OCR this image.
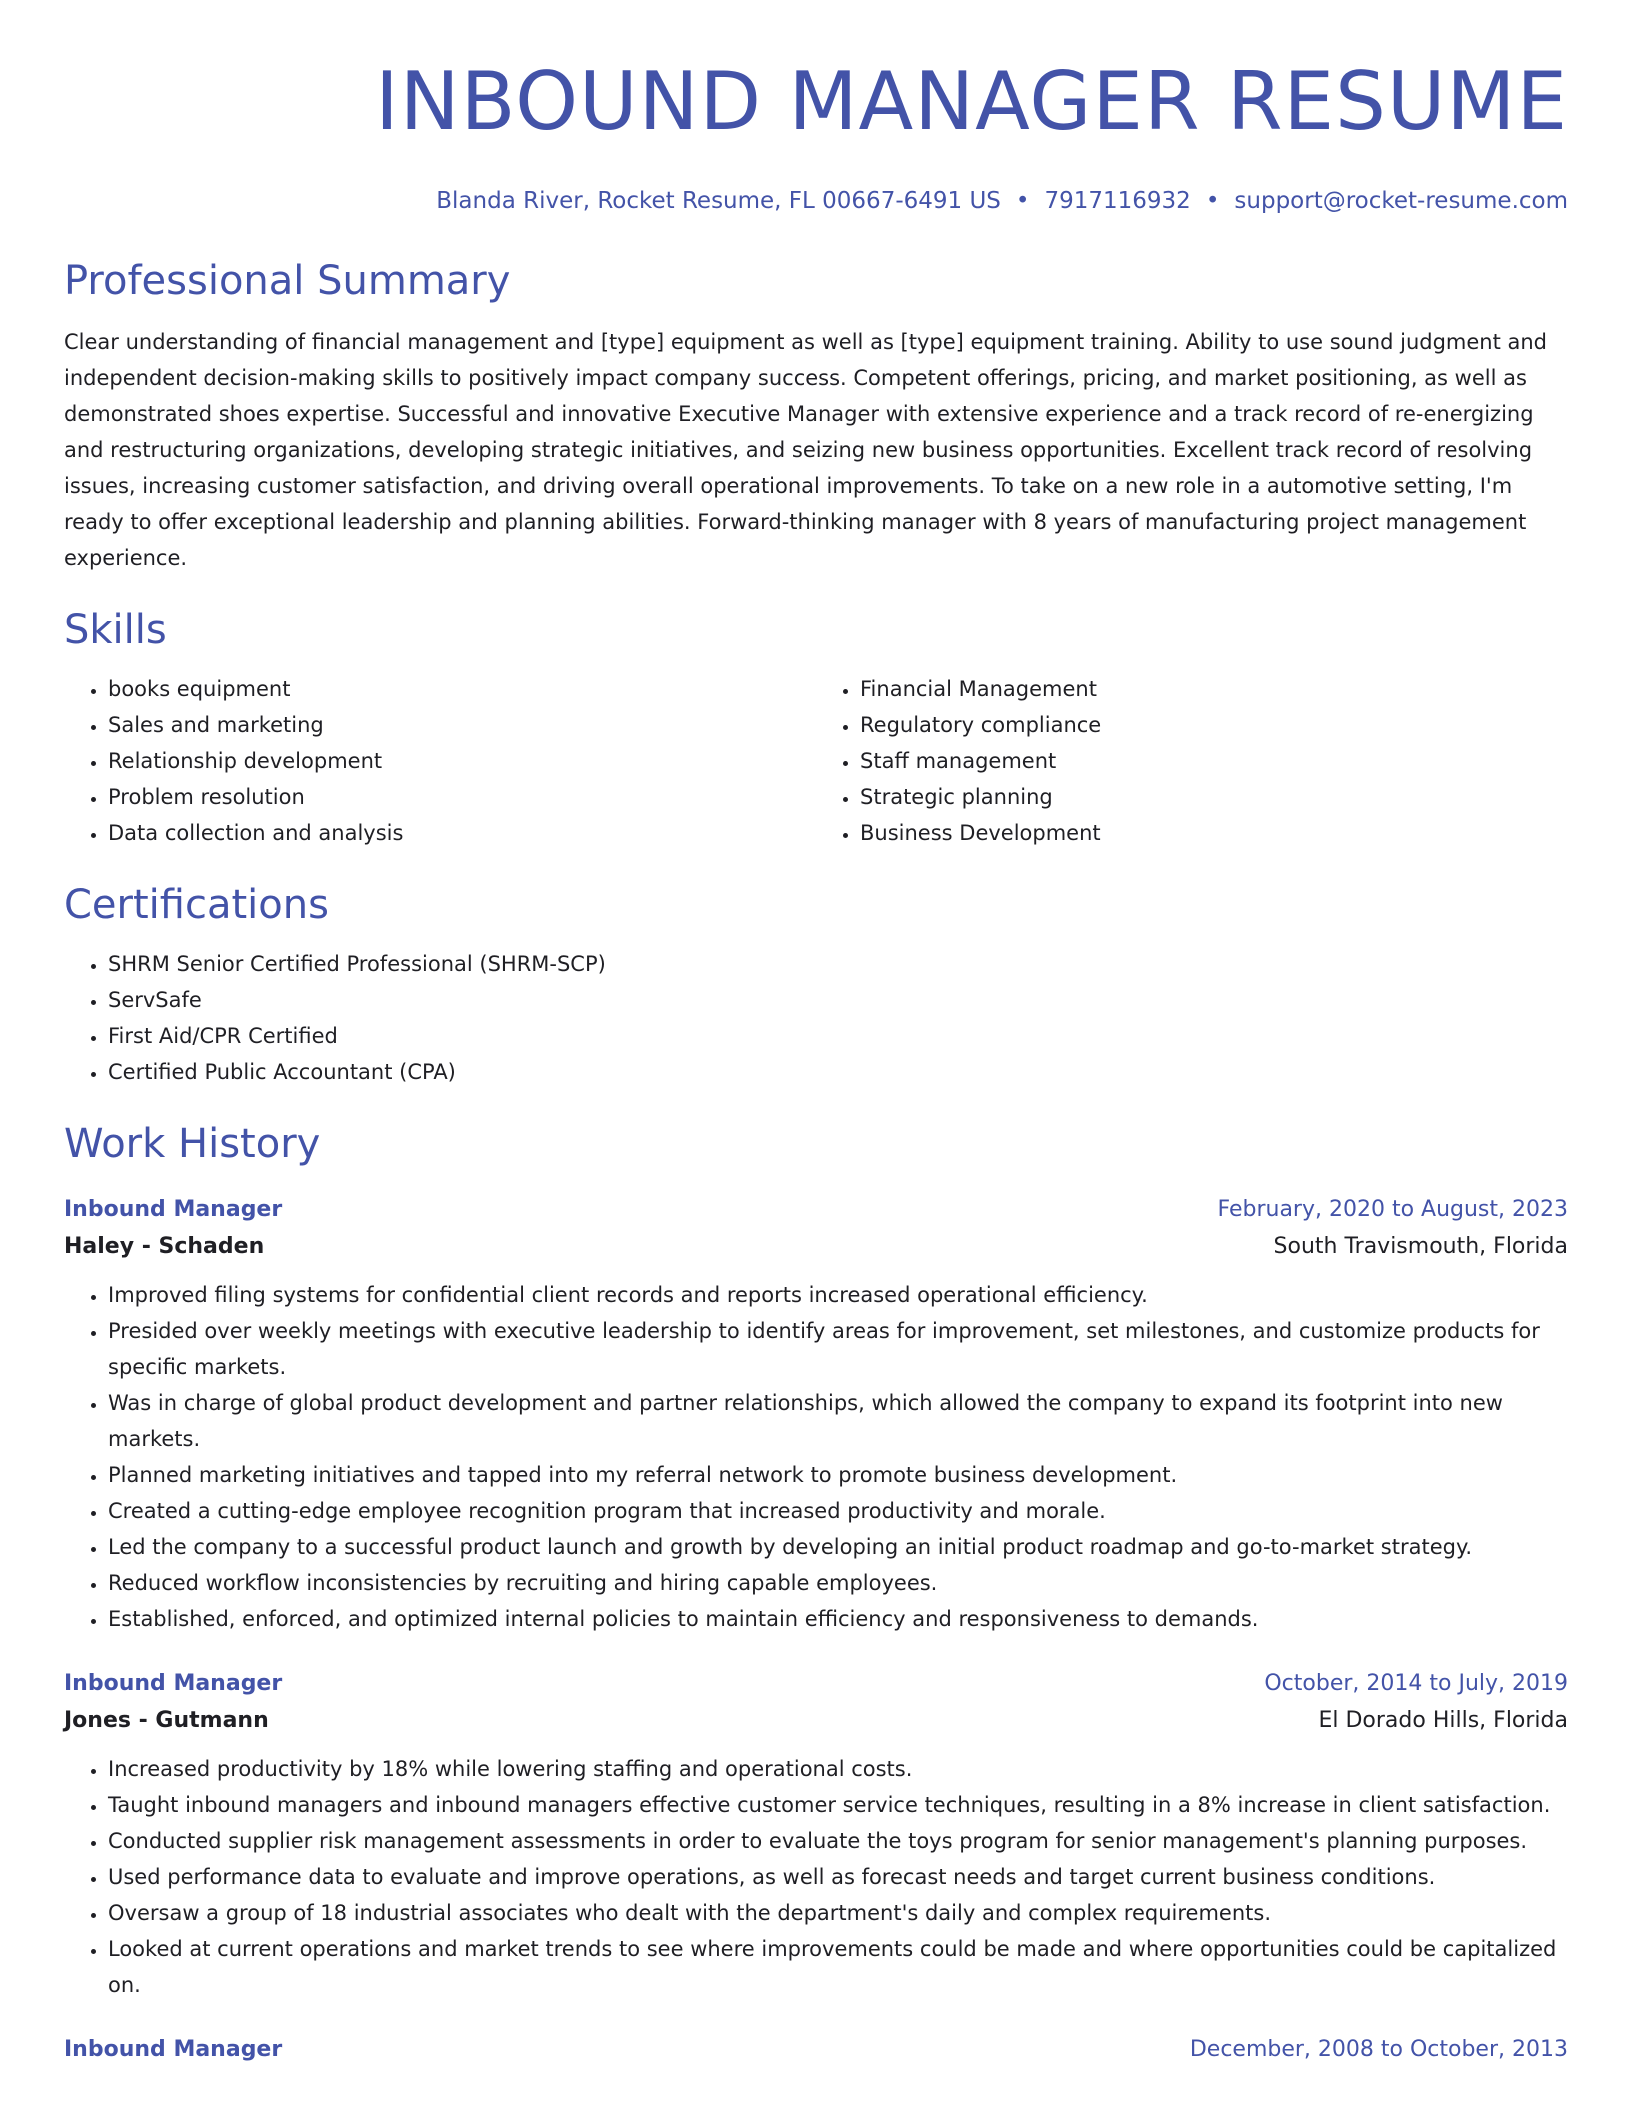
INBOUND MANAGER RESUME
Blanda River, Rocket Resume, FL 00667-6491 US • 7917116932 • support@rocket-resume.com
Professional Summary

Clear understanding of financial management and [type] equipment as well as [type] equipment training. Ability to use sound judgment and independent decision-making skills to positively impact company success. Competent offerings, pricing, and market positioning, as well as demonstrated shoes expertise. Successful and innovative Executive Manager with extensive experience and a track record of re-energizing and restructuring organizations, developing strategic initiatives, and seizing new business opportunities. Excellent track record of resolving issues, increasing customer satisfaction, and driving overall operational improvements. To take on a new role in a automotive setting, I'm ready to offer exceptional leadership and planning abilities. Forward-thinking manager with 8 years of manufacturing project management experience.

Skills
• books equipment
• Sales and marketing
• Relationship development
• Problem resolution
• Data collection and analysis
• Financial Management
• Regulatory compliance
• Staff management
• Strategic planning
• Business Development
Certifications
• SHRM Senior Certified Professional (SHRM-SCP)
• ServSafe
• First Aid/CPR Certified
• Certified Public Accountant (CPA)
Work History
Inbound Manager	February, 2020 to August, 2023
Haley - Schaden	South Travismouth, Florida
• Improved filing systems for confidential client records and reports increased operational efficiency.
• Presided over weekly meetings with executive leadership to identify areas for improvement, set milestones, and customize products for specific markets.
• Was in charge of global product development and partner relationships, which allowed the company to expand its footprint into new markets.
• Planned marketing initiatives and tapped into my referral network to promote business development.
• Created a cutting-edge employee recognition program that increased productivity and morale.
• Led the company to a successful product launch and growth by developing an initial product roadmap and go-to-market strategy.
• Reduced workflow inconsistencies by recruiting and hiring capable employees.
• Established, enforced, and optimized internal policies to maintain efficiency and responsiveness to demands.
Inbound Manager	October, 2014 to July, 2019
Jones - Gutmann	El Dorado Hills, Florida
• Increased productivity by 18% while lowering staffing and operational costs.
• Taught inbound managers and inbound managers effective customer service techniques, resulting in a 8% increase in client satisfaction.
• Conducted supplier risk management assessments in order to evaluate the toys program for senior management's planning purposes.
• Used performance data to evaluate and improve operations, as well as forecast needs and target current business conditions.
• Oversaw a group of 18 industrial associates who dealt with the department's daily and complex requirements.
• Looked at current operations and market trends to see where improvements could be made and where opportunities could be capitalized on.
Inbound Manager	December, 2008 to October, 2013
